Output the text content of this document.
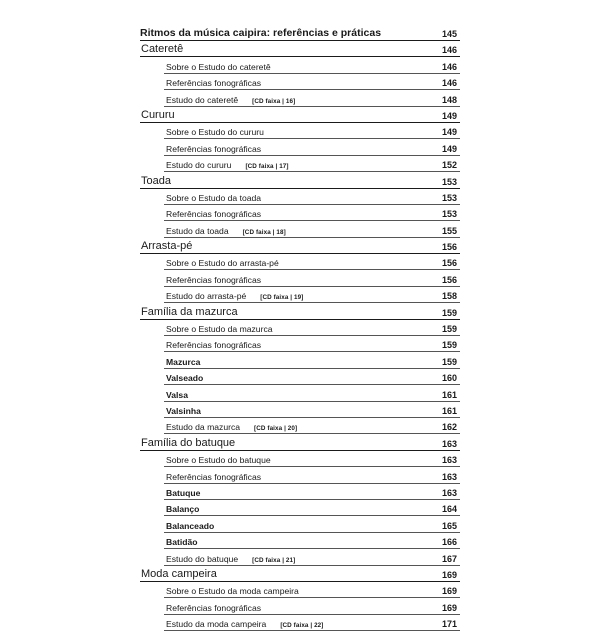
Ritmos da música caipira: referências e práticas	145
Cateretê	146
Sobre o Estudo do cateretê	146
Referências fonográficas	146
Estudo do cateretê [CD faixa | 16]	148
Cururu	149
Sobre o Estudo do cururu	149
Referências fonográficas	149
Estudo do cururu [CD faixa | 17]	152
Toada	153
Sobre o Estudo da toada	153
Referências fonográficas	153
Estudo da toada [CD faixa | 18]	155
Arrasta-pé	156
Sobre o Estudo do arrasta-pé	156
Referências fonográficas	156
Estudo do arrasta-pé [CD faixa | 19]	158
Família da mazurca	159
Sobre o Estudo da mazurca	159
Referências fonográficas	159
Mazurca	159
Valseado	160
Valsa	161
Valsinha	161
Estudo da mazurca [CD faixa | 20]	162
Família do batuque	163
Sobre o Estudo do batuque	163
Referências fonográficas	163
Batuque	163
Balanço	164
Balanceado	165
Batidão	166
Estudo do batuque [CD faixa | 21]	167
Moda campeira	169
Sobre o Estudo da moda campeira	169
Referências fonográficas	169
Estudo da moda campeira [CD faixa | 22]	171
